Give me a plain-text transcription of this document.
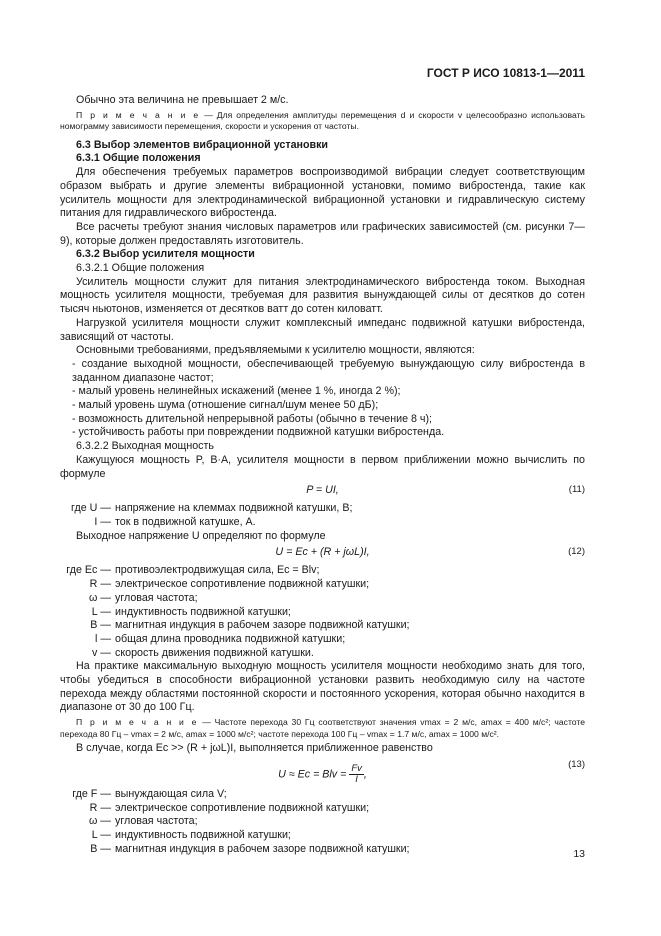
ГОСТ Р ИСО 10813-1—2011

Обычно эта величина не превышает 2 м/с.

П р и м е ч а н и е — Для определения амплитуды перемещения d и скорости v целесообразно использовать номограмму зависимости перемещения, скорости и ускорения от частоты.

6.3 Выбор элементов вибрационной установки

6.3.1 Общие положения

Для обеспечения требуемых параметров воспроизводимой вибрации следует соответствующим образом выбрать и другие элементы вибрационной установки, помимо вибростенда, такие как усилитель мощности для электродинамической вибрационной установки и гидравлическую систему питания для гидравлического вибростенда.

Все расчеты требуют знания числовых параметров или графических зависимостей (см. рисунки 7—9), которые должен предоставлять изготовитель.

6.3.2 Выбор усилителя мощности

6.3.2.1 Общие положения

Усилитель мощности служит для питания электродинамического вибростенда током. Выходная мощность усилителя мощности, требуемая для развития вынуждающей силы от десятков до сотен тысяч ньютонов, изменяется от десятков ватт до сотен киловатт.

Нагрузкой усилителя мощности служит комплексный импеданс подвижной катушки вибростенда, зависящий от частоты.

Основными требованиями, предъявляемыми к усилителю мощности, являются:

- создание выходной мощности, обеспечивающей требуемую вынуждающую силу вибростенда в заданном диапазоне частот;

- малый уровень нелинейных искажений (менее 1 %, иногда 2 %);

- малый уровень шума (отношение сигнал/шум менее 50 дБ);

- возможность длительной непрерывной работы (обычно в течение 8 ч);

- устойчивость работы при повреждении подвижной катушки вибростенда.

6.3.2.2 Выходная мощность

Кажущуюся мощность P, В·А, усилителя мощности в первом приближении можно вычислить по формуле

P = UI,	(11)
где U — напряжение на клеммах подвижной катушки, В;
I — ток в подвижной катушке, А.

Выходное напряжение U определяют по формуле

U = Ec + (R + jωL)I,	(12)
где Ec — противоэлектродвижущая сила, Ec = Blv;
R — электрическое сопротивление подвижной катушки;
ω — угловая частота;
L — индуктивность подвижной катушки;
B — магнитная индукция в рабочем зазоре подвижной катушки;
l — общая длина проводника подвижной катушки;
v — скорость движения подвижной катушки.

На практике максимальную выходную мощность усилителя мощности необходимо знать для того, чтобы убедиться в способности вибрационной установки развить необходимую силу на частоте перехода между областями постоянной скорости и постоянного ускорения, которая обычно находится в диапазоне от 30 до 100 Гц.

П р и м е ч а н и е — Частоте перехода 30 Гц соответствуют значения vmax = 2 м/с, amax = 400 м/с²; частоте перехода 80 Гц – vmax = 2 м/с, amax = 1000 м/с²; частоте перехода 100 Гц – vmax = 1.7 м/с, amax = 1000 м/с².

В случае, когда Ec >> (R + jωL)I, выполняется приближенное равенство

U ≈ Ec = Blv = $\frac{Fv}{I}$ ,
(13)
где F — вынуждающая сила V;
R — электрическое сопротивление подвижной катушки;
ω — угловая частота;
L — индуктивность подвижной катушки;
B — магнитная индукция в рабочем зазоре подвижной катушки;	13
